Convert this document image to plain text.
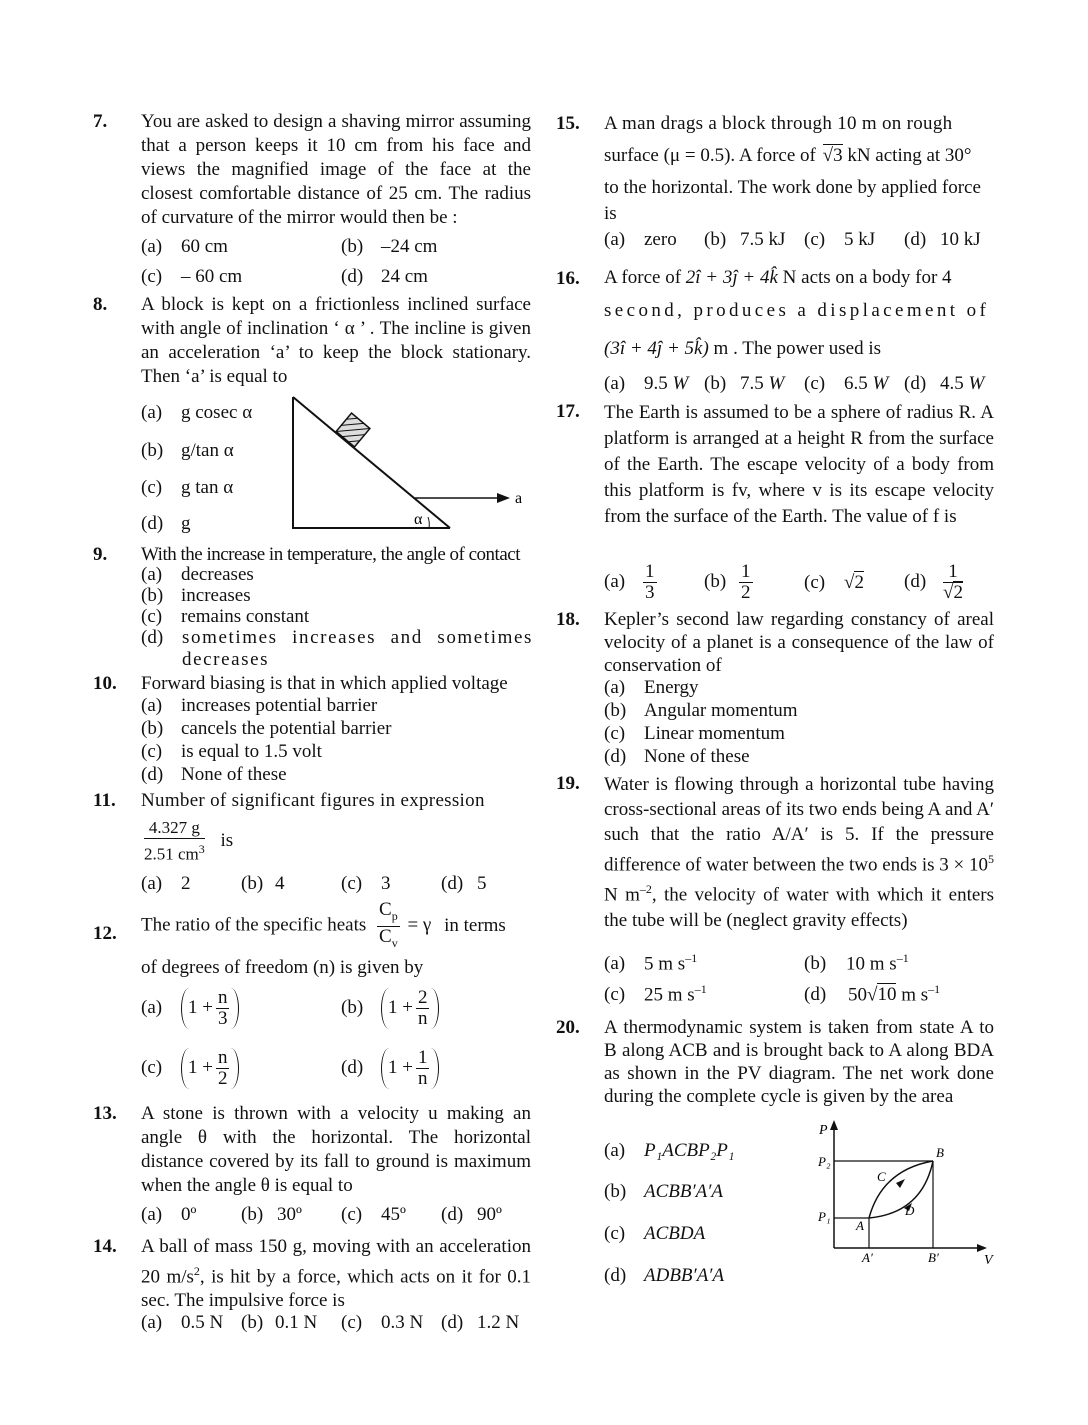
7.	You are asked to design a shaving mirror assuming that a person keeps it 10 cm from his face and views the magnified image of the face at the closest comfortable distance of 25 cm. The radius of curvature of the mirror would then be :
(a) 60 cm	(b) –24 cm
(c) – 60 cm	(d) 24 cm
8.	A block is kept on a frictionless inclined surface with angle of inclination ‘ α ’ . The incline is given an acceleration ‘a’ to keep the block stationary. Then ‘a’ is equal to
(a) g cosec α
(b) g/tan α
(c) g tan α
(d) g	α
a
9.	With the increase in temperature, the angle of contact
(a) decreases
(b) increases
(c) remains constant
(d) sometimes increases and sometimes decreases
10.	Forward biasing is that in which applied voltage
(a) increases potential barrier
(b) cancels the potential barrier
(c) is equal to 1.5 volt
(d) None of these
11.	Number of significant figures in expression
$\frac{4.327 g}{2.51 cm^3}$ is
(a) 2	(b) 4	(c) 3	(d) 5
12.	The ratio of the specific heats $\frac{C_p}{C_v} = \gamma$ in terms
of degrees of freedom (n) is given by
(a) $1 + \frac{n}{3}$	(b) $1 + \frac{2}{n}$
(c) $1 + \frac{n}{2}$	(d) $1 + \frac{1}{n}$
13.	A stone is thrown with a velocity u making an angle θ with the horizontal. The horizontal distance covered by its fall to ground is maximum when the angle θ is equal to
(a) 0º (b) 30º (c) 45º (d) 90º
14.	A ball of mass 150 g, moving with an acceleration 20 $m/s^2$, is hit by a force, which acts on it for 0.1 sec. The impulsive force is
(a) 0.5 N (b) 0.1 N (c) 0.3 N (d) 1.2 N
15.	A man drags a block through 10 m on rough
surface (μ = 0.5). A force of √3 kN acting at 30°
to the horizontal. The work done by applied force
is
(a) zero (b) 7.5 kJ (c) 5 kJ (d) 10 kJ
16.	A force of 2î + 3ĵ + 4k̂ N acts on a body for 4
second, produces a displacement of
(3î + 4ĵ + 5k̂) m . The power used is
(a) 9.5 W (b) 7.5 W (c) 6.5 W (d) 4.5 W
17.	The Earth is assumed to be a sphere of radius R. A platform is arranged at a height R from the surface of the Earth. The escape velocity of a body from this platform is fv, where v is its escape velocity from the surface of the Earth. The value of f is
$(a) \frac{1}{3}$	$(b) \frac{1}{2}$	(c) √2 $(d) \frac{1}{√2}$
18.	Kepler’s second law regarding constancy of areal velocity of a planet is a consequence of the law of conservation of
(a) Energy
(b) Angular momentum
(c) Linear momentum
(d) None of these
19.	Water is flowing through a horizontal tube having cross-sectional areas of its two ends being A and A′ such that the ratio A/A′ is 5. If the pressure difference of water between the two ends is $3 \times 10^5$ N $m^{-2}$, the velocity of water with which it enters the tube will be (neglect gravity effects)
(a) 5 m $s^{-1}$	(b) 10 m $s^{-1}$
(c) 25 m $s^{-1}$	(d) 50√10 m $s^{-1}$
20.	A thermodynamic system is taken from state A to B along ACB and is brought back to A along BDA as shown in the PV diagram. The net work done during the complete cycle is given by the area
(a) P₁ACBP₂P₁
(b) ACBB′A′A
(c) ACBDA
(d) ADBB′A′A
P
V
P₂
P₁
A
B
C
D
A′	B′
